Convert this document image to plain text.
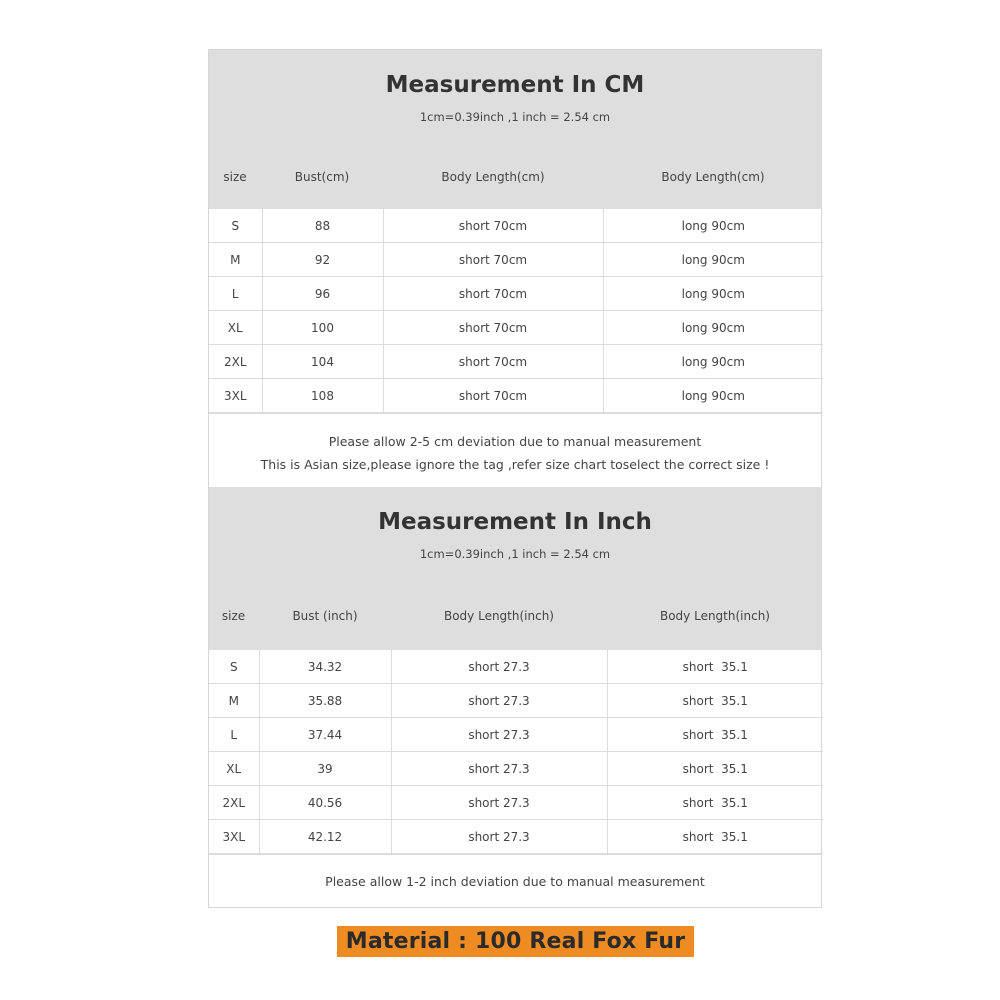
Measurement In CM
1cm=0.39inch ,1 inch = 2.54 cm
size	Bust(cm)	Body Length(cm)	Body Length(cm)
S	88	short 70cm	long 90cm
M	92	short 70cm	long 90cm
L	96	short 70cm	long 90cm
XL	100	short 70cm	long 90cm
2XL	104	short 70cm	long 90cm
3XL	108	short 70cm	long 90cm
Please allow 2-5 cm deviation due to manual measurement
This is Asian size,please ignore the tag ,refer size chart toselect the correct size !
Measurement In Inch
1cm=0.39inch ,1 inch = 2.54 cm
size	Bust (inch)	Body Length(inch)	Body Length(inch)
S	34.32	short 27.3	short  35.1
M	35.88	short 27.3	short  35.1
L	37.44	short 27.3	short  35.1
XL	39	short 27.3	short  35.1
2XL	40.56	short 27.3	short  35.1
3XL	42.12	short 27.3	short  35.1
Please allow 1-2 inch deviation due to manual measurement
Material : 100 Real Fox Fur
